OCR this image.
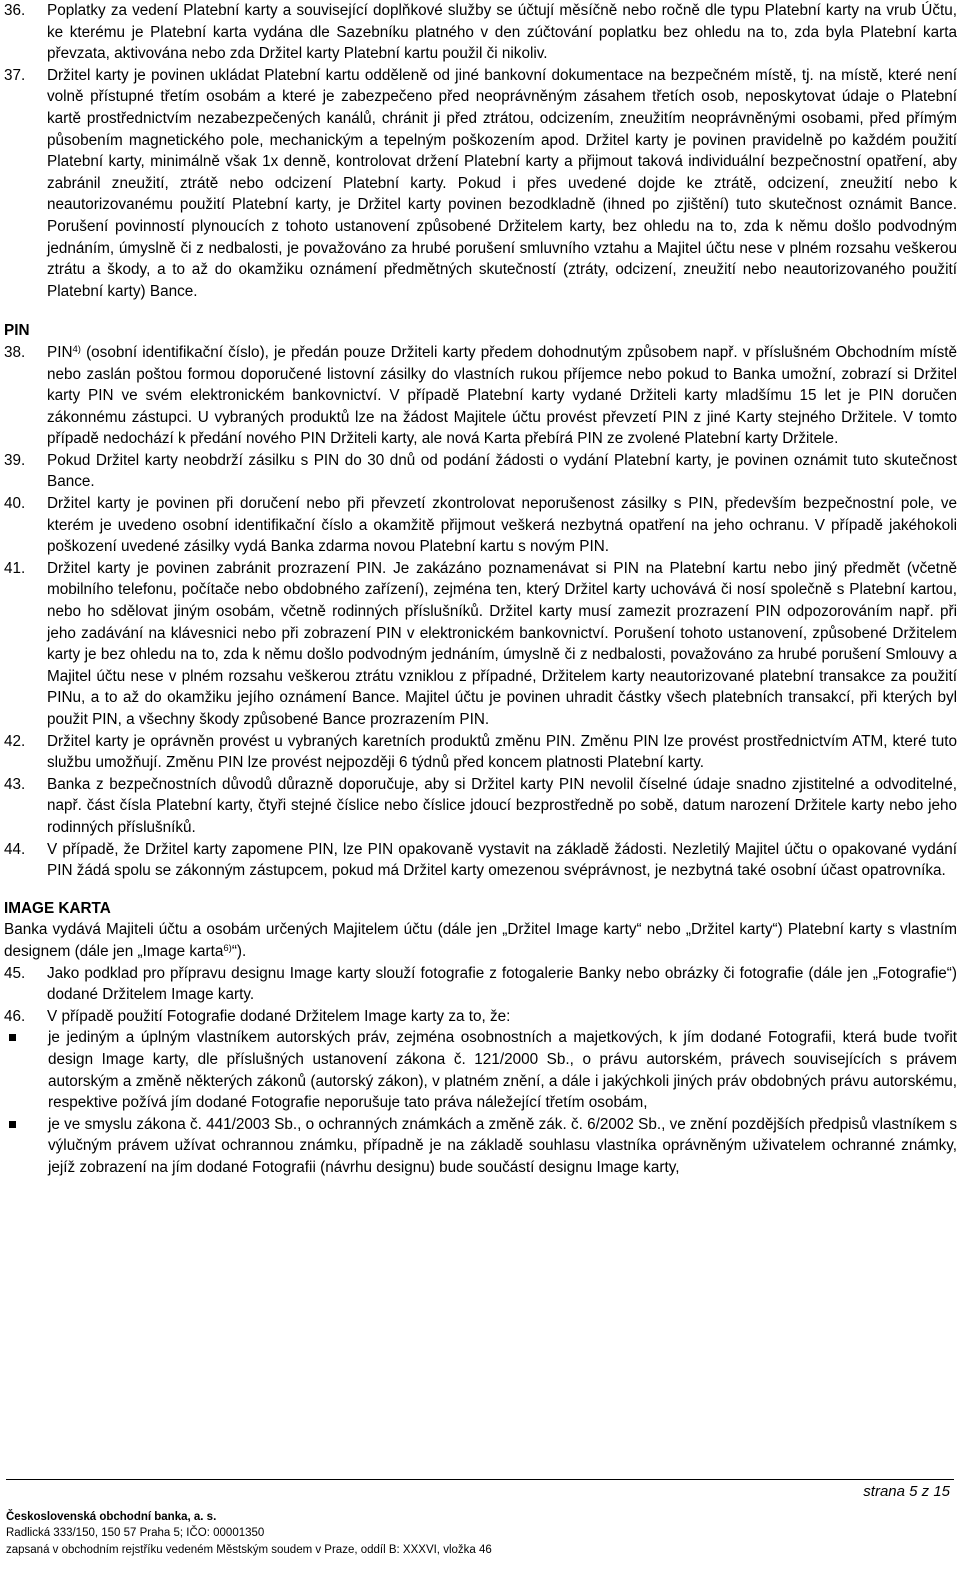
36. Poplatky za vedení Platební karty a související doplňkové služby se účtují měsíčně nebo ročně dle typu Platební karty na vrub Účtu, ke kterému je Platební karta vydána dle Sazebníku platného v den zúčtování poplatku bez ohledu na to, zda byla Platební karta převzata, aktivována nebo zda Držitel karty Platební kartu použil či nikoliv.
37. Držitel karty je povinen ukládat Platební kartu odděleně od jiné bankovní dokumentace na bezpečném místě, tj. na místě, které není volně přístupné třetím osobám a které je zabezpečeno před neoprávněným zásahem třetích osob, neposkytovat údaje o Platební kartě prostřednictvím nezabezpečených kanálů, chránit ji před ztrátou, odcizením, zneužitím neoprávněnými osobami, před přímým působením magnetického pole, mechanickým a tepelným poškozením apod. Držitel karty je povinen pravidelně po každém použití Platební karty, minimálně však 1x denně, kontrolovat držení Platební karty a přijmout taková individuální bezpečnostní opatření, aby zabránil zneužití, ztrátě nebo odcizení Platební karty. Pokud i přes uvedené dojde ke ztrátě, odcizení, zneužití nebo k neautorizovanému použití Platební karty, je Držitel karty povinen bezodkladně (ihned po zjištění) tuto skutečnost oznámit Bance. Porušení povinností plynoucích z tohoto ustanovení způsobené Držitelem karty, bez ohledu na to, zda k němu došlo podvodným jednáním, úmyslně či z nedbalosti, je považováno za hrubé porušení smluvního vztahu a Majitel účtu nese v plném rozsahu veškerou ztrátu a škody, a to až do okamžiku oznámení předmětných skutečností (ztráty, odcizení, zneužití nebo neautorizovaného použití Platební karty) Bance.

PIN

38. PIN$^{4)}$ (osobní identifikační číslo), je předán pouze Držiteli karty předem dohodnutým způsobem např. v příslušném Obchodním místě nebo zaslán poštou formou doporučené listovní zásilky do vlastních rukou příjemce nebo pokud to Banka umožní, zobrazí si Držitel karty PIN ve svém elektronickém bankovnictví. V případě Platební karty vydané Držiteli karty mladšímu 15 let je PIN doručen zákonnému zástupci. U vybraných produktů lze na žádost Majitele účtu provést převzetí PIN z jiné Karty stejného Držitele. V tomto případě nedochází k předání nového PIN Držiteli karty, ale nová Karta přebírá PIN ze zvolené Platební karty Držitele.
39. Pokud Držitel karty neobdrží zásilku s PIN do 30 dnů od podání žádosti o vydání Platební karty, je povinen oznámit tuto skutečnost Bance.
40. Držitel karty je povinen při doručení nebo při převzetí zkontrolovat neporušenost zásilky s PIN, především bezpečnostní pole, ve kterém je uvedeno osobní identifikační číslo a okamžitě přijmout veškerá nezbytná opatření na jeho ochranu. V případě jakéhokoli poškození uvedené zásilky vydá Banka zdarma novou Platební kartu s novým PIN.
41. Držitel karty je povinen zabránit prozrazení PIN. Je zakázáno poznamenávat si PIN na Platební kartu nebo jiný předmět (včetně mobilního telefonu, počítače nebo obdobného zařízení), zejména ten, který Držitel karty uchovává či nosí společně s Platební kartou, nebo ho sdělovat jiným osobám, včetně rodinných příslušníků. Držitel karty musí zamezit prozrazení PIN odpozorováním např. při jeho zadávání na klávesnici nebo při zobrazení PIN v elektronickém bankovnictví. Porušení tohoto ustanovení, způsobené Držitelem karty je bez ohledu na to, zda k němu došlo podvodným jednáním, úmyslně či z nedbalosti, považováno za hrubé porušení Smlouvy a Majitel účtu nese v plném rozsahu veškerou ztrátu vzniklou z případné, Držitelem karty neautorizované platební transakce za použití PINu, a to až do okamžiku jejího oznámení Bance. Majitel účtu je povinen uhradit částky všech platebních transakcí, při kterých byl použit PIN, a všechny škody způsobené Bance prozrazením PIN.
42. Držitel karty je oprávněn provést u vybraných karetních produktů změnu PIN. Změnu PIN lze provést prostřednictvím ATM, které tuto službu umožňují. Změnu PIN lze provést nejpozději 6 týdnů před koncem platnosti Platební karty.
43. Banka z bezpečnostních důvodů důrazně doporučuje, aby si Držitel karty PIN nevolil číselné údaje snadno zjistitelné a odvoditelné, např. část čísla Platební karty, čtyři stejné číslice nebo číslice jdoucí bezprostředně po sobě, datum narození Držitele karty nebo jeho rodinných příslušníků.
44. V případě, že Držitel karty zapomene PIN, lze PIN opakovaně vystavit na základě žádosti. Nezletilý Majitel účtu o opakované vydání PIN žádá spolu se zákonným zástupcem, pokud má Držitel karty omezenou svéprávnost, je nezbytná také osobní účast opatrovníka.

IMAGE KARTA

Banka vydává Majiteli účtu a osobám určených Majitelem účtu (dále jen „Držitel Image karty“ nebo „Držitel karty“) Platební karty s vlastním designem (dále jen „Image karta$^{6)}$“).

45. Jako podklad pro přípravu designu Image karty slouží fotografie z fotogalerie Banky nebo obrázky či fotografie (dále jen „Fotografie“) dodané Držitelem Image karty.
46. V případě použití Fotografie dodané Držitelem Image karty za to, že:
je jediným a úplným vlastníkem autorských práv, zejména osobnostních a majetkových, k jím dodané Fotografii, která bude tvořit design Image karty, dle příslušných ustanovení zákona č. 121/2000 Sb., o právu autorském, právech souvisejících s právem autorským a změně některých zákonů (autorský zákon), v platném znění, a dále i jakýchkoli jiných práv obdobných právu autorskému, respektive požívá jím dodané Fotografie neporušuje tato práva náležející třetím osobám,
je ve smyslu zákona č. 441/2003 Sb., o ochranných známkách a změně zák. č. 6/2002 Sb., ve znění pozdějších předpisů vlastníkem s výlučným právem užívat ochrannou známku, případně je na základě souhlasu vlastníka oprávněným uživatelem ochranné známky, jejíž zobrazení na jím dodané Fotografii (návrhu designu) bude součástí designu Image karty,
strana 5 z 15
Československá obchodní banka, a. s.
Radlická 333/150, 150 57 Praha 5; IČO: 00001350
zapsaná v obchodním rejstříku vedeném Městským soudem v Praze, oddíl B: XXXVI, vložka 46
